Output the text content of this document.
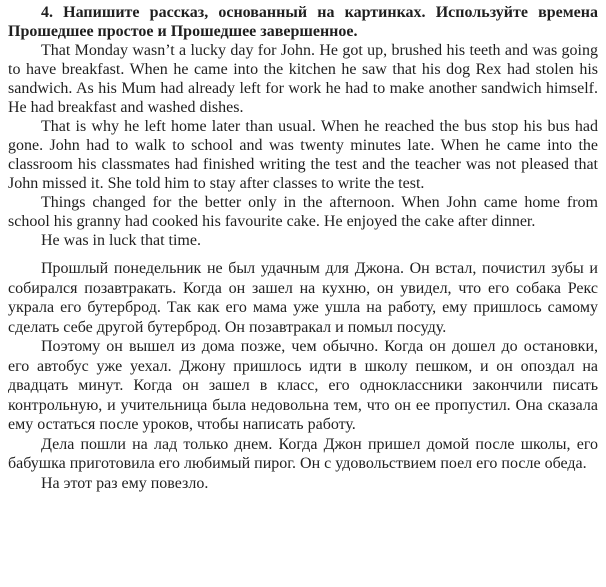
4. Напишите рассказ, основанный на картинках. Используйте времена Прошедшее простое и Прошедшее завершенное.

That Monday wasn’t a lucky day for John. He got up, brushed his teeth and was going to have breakfast. When he came into the kitchen he saw that his dog Rex had stolen his sandwich. As his Mum had already left for work he had to make another sandwich himself. He had breakfast and washed dishes.

That is why he left home later than usual. When he reached the bus stop his bus had gone. John had to walk to school and was twenty minutes late. When he came into the classroom his classmates had finished writing the test and the teacher was not pleased that John missed it. She told him to stay after classes to write the test.

Things changed for the better only in the afternoon. When John came home from school his granny had cooked his favourite cake. He enjoyed the cake after dinner.

He was in luck that time.

Прошлый понедельник не был удачным для Джона. Он встал, почистил зубы и собирался позавтракать. Когда он зашел на кухню, он увидел, что его собака Рекс украла его бутерброд. Так как его мама уже ушла на работу, ему пришлось самому сделать себе другой бутерброд. Он позавтракал и помыл посуду.

Поэтому он вышел из дома позже, чем обычно. Когда он дошел до остановки, его автобус уже уехал. Джону пришлось идти в школу пешком, и он опоздал на двадцать минут. Когда он зашел в класс, его одноклассники закончили писать контрольную, и учительница была недовольна тем, что он ее пропустил. Она сказала ему остаться после уроков, чтобы написать работу.

Дела пошли на лад только днем. Когда Джон пришел домой после школы, его бабушка приготовила его любимый пирог. Он с удовольствием поел его после обеда.

На этот раз ему повезло.
